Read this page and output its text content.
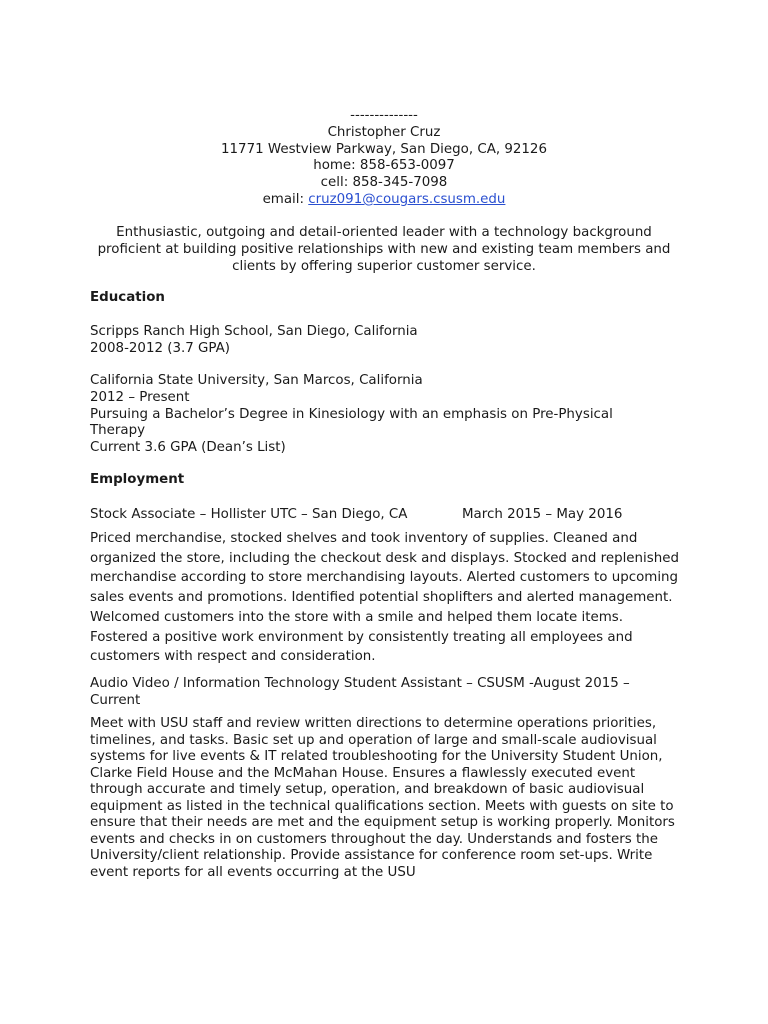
--------------
Christopher Cruz
11771 Westview Parkway, San Diego, CA, 92126
home: 858-653-0097
cell: 858-345-7098
email: cruz091@cougars.csusm.edu
Enthusiastic, outgoing and detail-oriented leader with a technology background proficient at building positive relationships with new and existing team members and clients by offering superior customer service.
Education
Scripps Ranch High School, San Diego, California
2008-2012 (3.7 GPA)
California State University, San Marcos, California
2012 – Present
Pursuing a Bachelor’s Degree in Kinesiology with an emphasis on Pre-Physical
Therapy
Current 3.6 GPA (Dean’s List)
Employment
Stock Associate – Hollister UTC – San Diego, CA	March 2015 – May 2016
Priced merchandise, stocked shelves and took inventory of supplies. Cleaned and organized the store, including the checkout desk and displays. Stocked and replenished merchandise according to store merchandising layouts. Alerted customers to upcoming sales events and promotions. Identified potential shoplifters and alerted management. Welcomed customers into the store with a smile and helped them locate items. Fostered a positive work environment by consistently treating all employees and customers with respect and consideration.
Audio Video / Information Technology Student Assistant – CSUSM -August 2015 –
Current
Meet with USU staff and review written directions to determine operations priorities, timelines, and tasks. Basic set up and operation of large and small-scale audiovisual systems for live events & IT related troubleshooting for the University Student Union, Clarke Field House and the McMahan House. Ensures a flawlessly executed event through accurate and timely setup, operation, and breakdown of basic audiovisual equipment as listed in the technical qualifications section. Meets with guests on site to ensure that their needs are met and the equipment setup is working properly. Monitors events and checks in on customers throughout the day. Understands and fosters the University/client relationship. Provide assistance for conference room set-ups. Write event reports for all events occurring at the USU
